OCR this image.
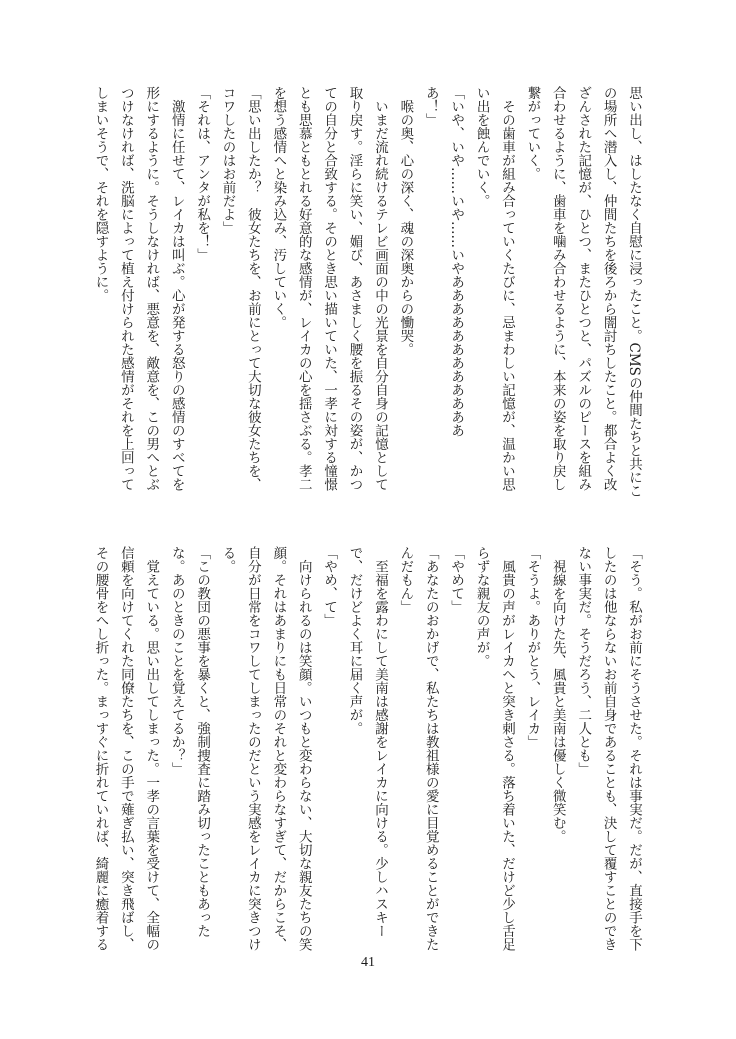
思い出し、はしたなく自慰に浸ったこと。CMSの仲間たちと共にこ
の場所へ潜入し、仲間たちを後ろから闇討ちしたこと。都合よく改
ざんされた記憶が、ひとつ、またひとつと、パズルのピースを組み
合わせるように、歯車を噛み合わせるように、本来の姿を取り戻し
繋がっていく。
　その歯車が組み合っていくたびに、忌まわしい記憶が、温かい思
い出を蝕んでいく。
「いや、いや……いや……いやああああああああああああ
あ！」
　喉の奥、心の深く、魂の深奥からの慟哭。
　いまだ流れ続けるテレビ画面の中の光景を自分自身の記憶として
取り戻す。淫らに笑い、媚び、あさましく腰を振るその姿が、かつ
ての自分と合致する。そのとき思い描いていた、一孝に対する憧憬
とも思慕ともとれる好意的な感情が、レイカの心を揺さぶる。孝二
を想う感情へと染み込み、汚していく。
「思い出したか？　彼女たちを、お前にとって大切な彼女たちを、
コワしたのはお前だよ」
「それは、アンタが私を！」
　激情に任せて、レイカは叫ぶ。心が発する怒りの感情のすべてを
形にするように。そうしなければ、悪意を、敵意を、この男へとぶ
つけなければ、洗脳によって植え付けられた感情がそれを上回って
しまいそうで、それを隠すように。
「そう。私がお前にそうさせた。それは事実だ。だが、直接手を下
したのは他ならないお前自身であることも、決して覆すことのでき
ない事実だ。そうだろう、二人とも」
　視線を向けた先、風貴と美南は優しく微笑む。
「そうよ。ありがとう、レイカ」
　風貴の声がレイカへと突き刺さる。落ち着いた、だけど少し舌足
らずな親友の声が。
「やめて」
「あなたのおかげで、私たちは教祖様の愛に目覚めることができた
んだもん」
　至福を露わにして美南は感謝をレイカに向ける。少しハスキー
で、だけどよく耳に届く声が。
「やめ、て」
　向けられるのは笑顔。いつもと変わらない、大切な親友たちの笑
顔。それはあまりにも日常のそれと変わらなすぎて、だからこそ、
自分が日常をコワしてしまったのだという実感をレイカに突きつけ
る。
「この教団の悪事を暴くと、強制捜査に踏み切ったこともあった
な。あのときのことを覚えてるか？」
　覚えている。思い出してしまった。一孝の言葉を受けて、全幅の
信頼を向けてくれた同僚たちを、この手で薙ぎ払い、突き飛ばし、
その腰骨をへし折った。まっすぐに折れていれば、綺麗に癒着する
41
